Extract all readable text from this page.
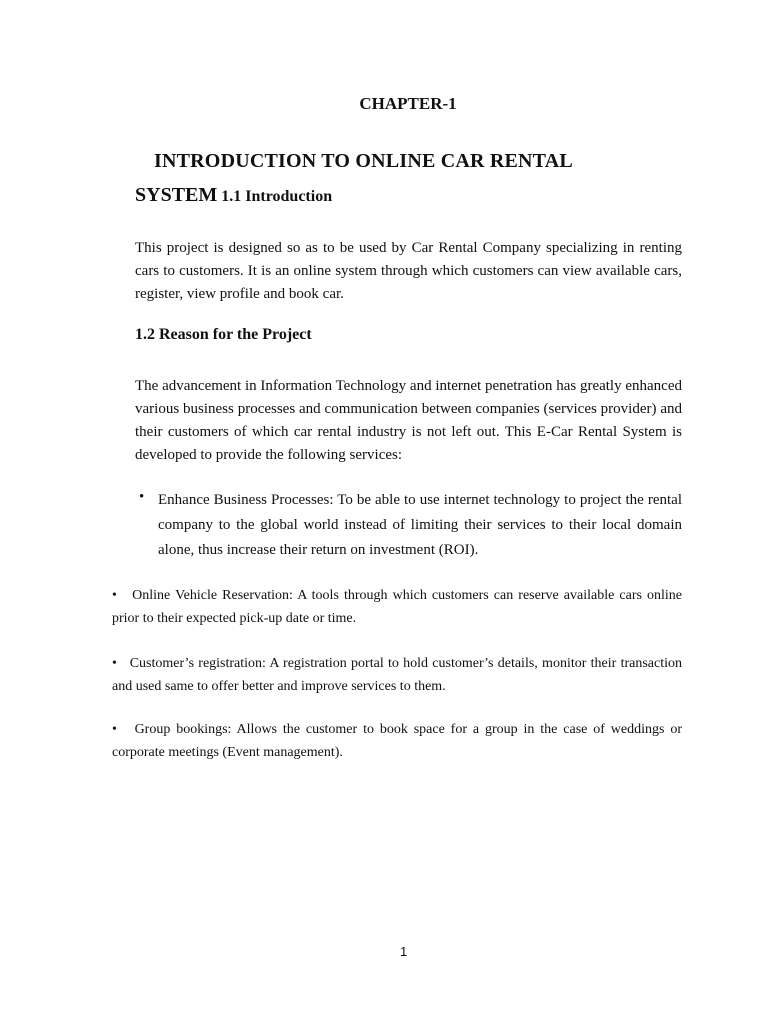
CHAPTER-1
INTRODUCTION TO ONLINE CAR RENTAL
SYSTEM 1.1 Introduction
This project is designed so as to be used by Car Rental Company specializing in renting cars to customers. It is an online system through which customers can view available cars, register, view profile and book car.
1.2 Reason for the Project
The advancement in Information Technology and internet penetration has greatly enhanced various business processes and communication between companies (services provider) and their customers of which car rental industry is not left out. This E-Car Rental System is developed to provide the following services:
• Enhance Business Processes: To be able to use internet technology to project the rental company to the global world instead of limiting their services to their local domain alone, thus increase their return on investment (ROI).
• Online Vehicle Reservation: A tools through which customers can reserve available cars online prior to their expected pick-up date or time.
• Customer’s registration: A registration portal to hold customer’s details, monitor their transaction and used same to offer better and improve services to them.
• Group bookings: Allows the customer to book space for a group in the case of weddings or corporate meetings (Event management).
1
